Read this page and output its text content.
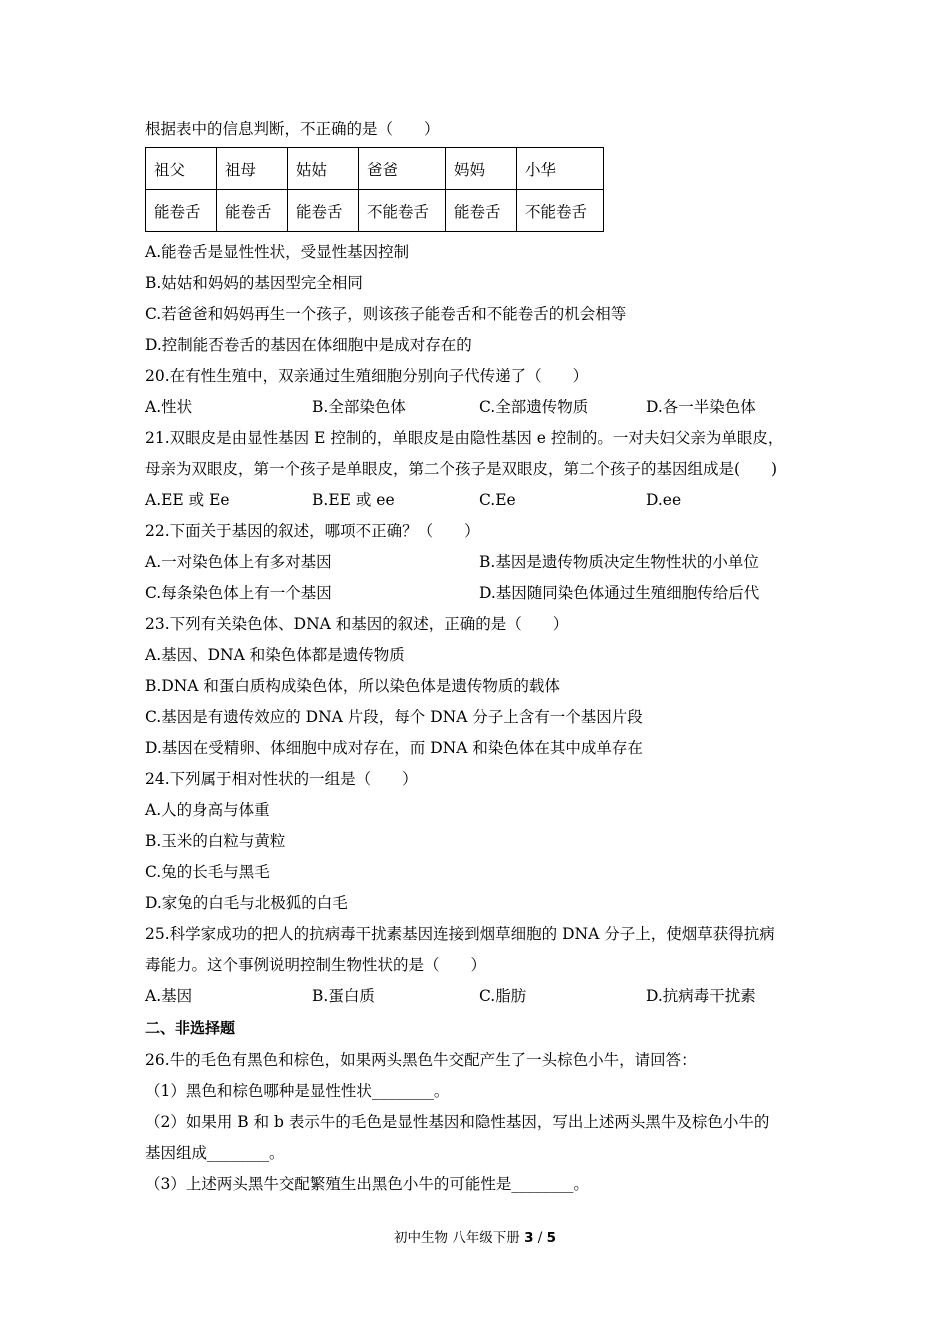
根据表中的信息判断，不正确的是（　　）
祖父	祖母	姑姑	爸爸	妈妈	小华
能卷舌	能卷舌	能卷舌	不能卷舌	能卷舌	不能卷舌
A.能卷舌是显性性状，受显性基因控制
B.姑姑和妈妈的基因型完全相同
C.若爸爸和妈妈再生一个孩子，则该孩子能卷舌和不能卷舌的机会相等
D.控制能否卷舌的基因在体细胞中是成对存在的
20.在有性生殖中，双亲通过生殖细胞分别向子代传递了（　　）
A.性状	B.全部染色体	C.全部遗传物质	D.各一半染色体
21.双眼皮是由显性基因 E 控制的，单眼皮是由隐性基因 e 控制的。一对夫妇父亲为单眼皮，
母亲为双眼皮，第一个孩子是单眼皮，第二个孩子是双眼皮，第二个孩子的基因组成是(　　)
A.EE 或 Ee	B.EE 或 ee	C.Ee	D.ee
22.下面关于基因的叙述，哪项不正确？（　　）
A.一对染色体上有多对基因	B.基因是遗传物质决定生物性状的小单位
C.每条染色体上有一个基因	D.基因随同染色体通过生殖细胞传给后代
23.下列有关染色体、DNA 和基因的叙述，正确的是（　　）
A.基因、DNA 和染色体都是遗传物质
B.DNA 和蛋白质构成染色体，所以染色体是遗传物质的载体
C.基因是有遗传效应的 DNA 片段，每个 DNA 分子上含有一个基因片段
D.基因在受精卵、体细胞中成对存在，而 DNA 和染色体在其中成单存在
24.下列属于相对性状的一组是（　　）
A.人的身高与体重
B.玉米的白粒与黄粒
C.兔的长毛与黑毛
D.家兔的白毛与北极狐的白毛
25.科学家成功的把人的抗病毒干扰素基因连接到烟草细胞的 DNA 分子上，使烟草获得抗病
毒能力。这个事例说明控制生物性状的是（　　）
A.基因	B.蛋白质	C.脂肪	D.抗病毒干扰素
二、非选择题
26.牛的毛色有黑色和棕色，如果两头黑色牛交配产生了一头棕色小牛，请回答：
（1）黑色和棕色哪种是显性性状________。
（2）如果用 B 和 b 表示牛的毛色是显性基因和隐性基因，写出上述两头黑牛及棕色小牛的
基因组成________。
（3）上述两头黑牛交配繁殖生出黑色小牛的可能性是________。
初中生物 八年级下册 3 / 5
